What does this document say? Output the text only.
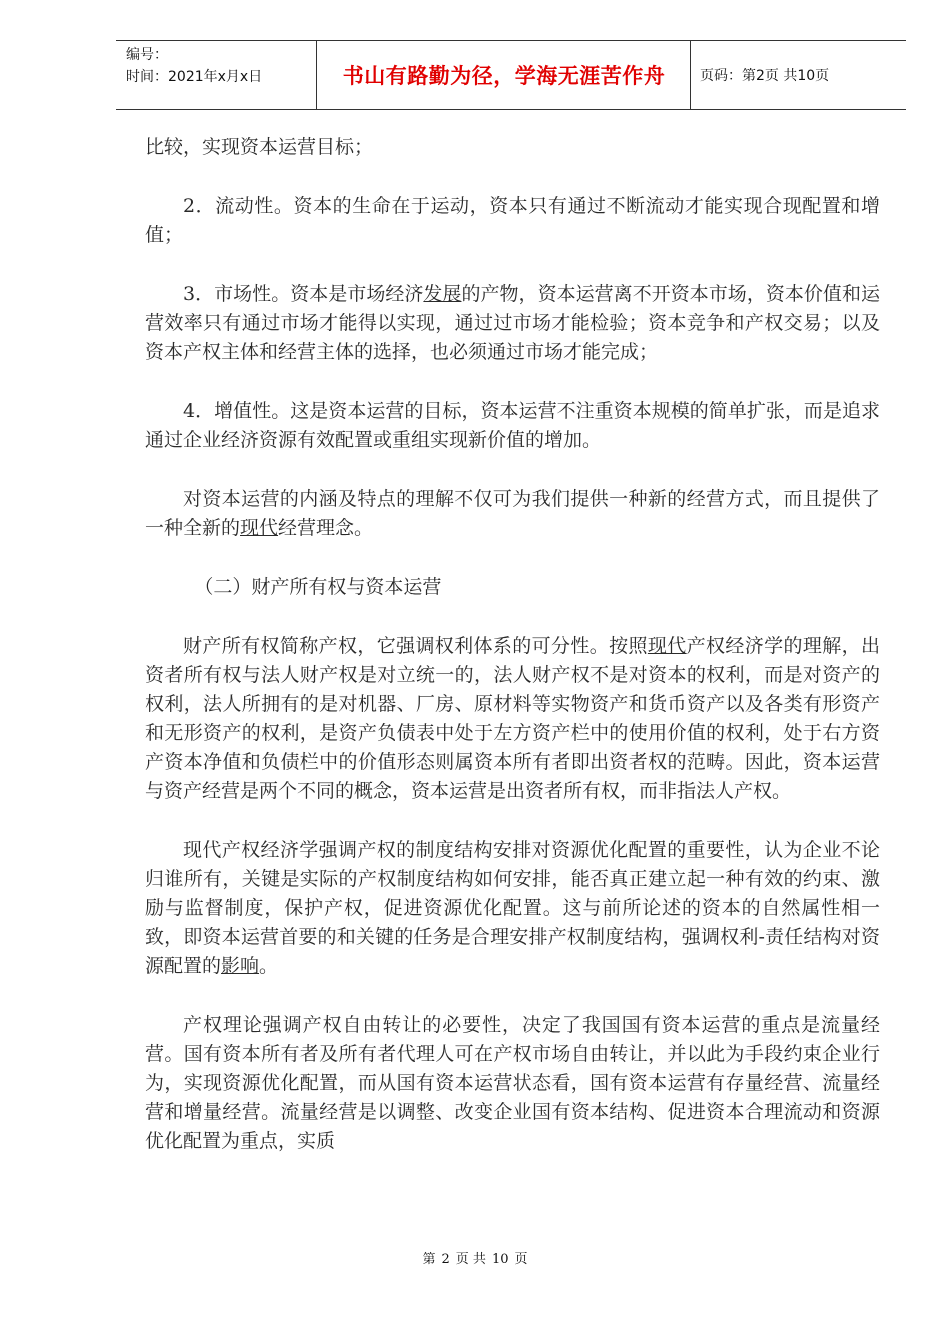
编号：
时间：2021年x月x日	书山有路勤为径，学海无涯苦作舟	页码：第2页 共10页

比较，实现资本运营目标；

2．流动性。资本的生命在于运动，资本只有通过不断流动才能实现合现配置和增值；

3．市场性。资本是市场经济发展的产物，资本运营离不开资本市场，资本价值和运营效率只有通过市场才能得以实现，通过过市场才能检验；资本竞争和产权交易；以及资本产权主体和经营主体的选择，也必须通过市场才能完成；

4．增值性。这是资本运营的目标，资本运营不注重资本规模的简单扩张，而是追求通过企业经济资源有效配置或重组实现新价值的增加。

对资本运营的内涵及特点的理解不仅可为我们提供一种新的经营方式，而且提供了一种全新的现代经营理念。

（二）财产所有权与资本运营

财产所有权简称产权，它强调权利体系的可分性。按照现代产权经济学的理解，出资者所有权与法人财产权是对立统一的，法人财产权不是对资本的权利，而是对资产的权利，法人所拥有的是对机器、厂房、原材料等实物资产和货币资产以及各类有形资产和无形资产的权利，是资产负债表中处于左方资产栏中的使用价值的权利，处于右方资产资本净值和负债栏中的价值形态则属资本所有者即出资者权的范畴。因此，资本运营与资产经营是两个不同的概念，资本运营是出资者所有权，而非指法人产权。

现代产权经济学强调产权的制度结构安排对资源优化配置的重要性，认为企业不论归谁所有，关键是实际的产权制度结构如何安排，能否真正建立起一种有效的约束、激励与监督制度，保护产权，促进资源优化配置。这与前所论述的资本的自然属性相一致，即资本运营首要的和关键的任务是合理安排产权制度结构，强调权利-责任结构对资源配置的影响。

产权理论强调产权自由转让的必要性，决定了我国国有资本运营的重点是流量经营。国有资本所有者及所有者代理人可在产权市场自由转让，并以此为手段约束企业行为，实现资源优化配置，而从国有资本运营状态看，国有资本运营有存量经营、流量经营和增量经营。流量经营是以调整、改变企业国有资本结构、促进资本合理流动和资源优化配置为重点，实质

第 2 页 共 10 页
